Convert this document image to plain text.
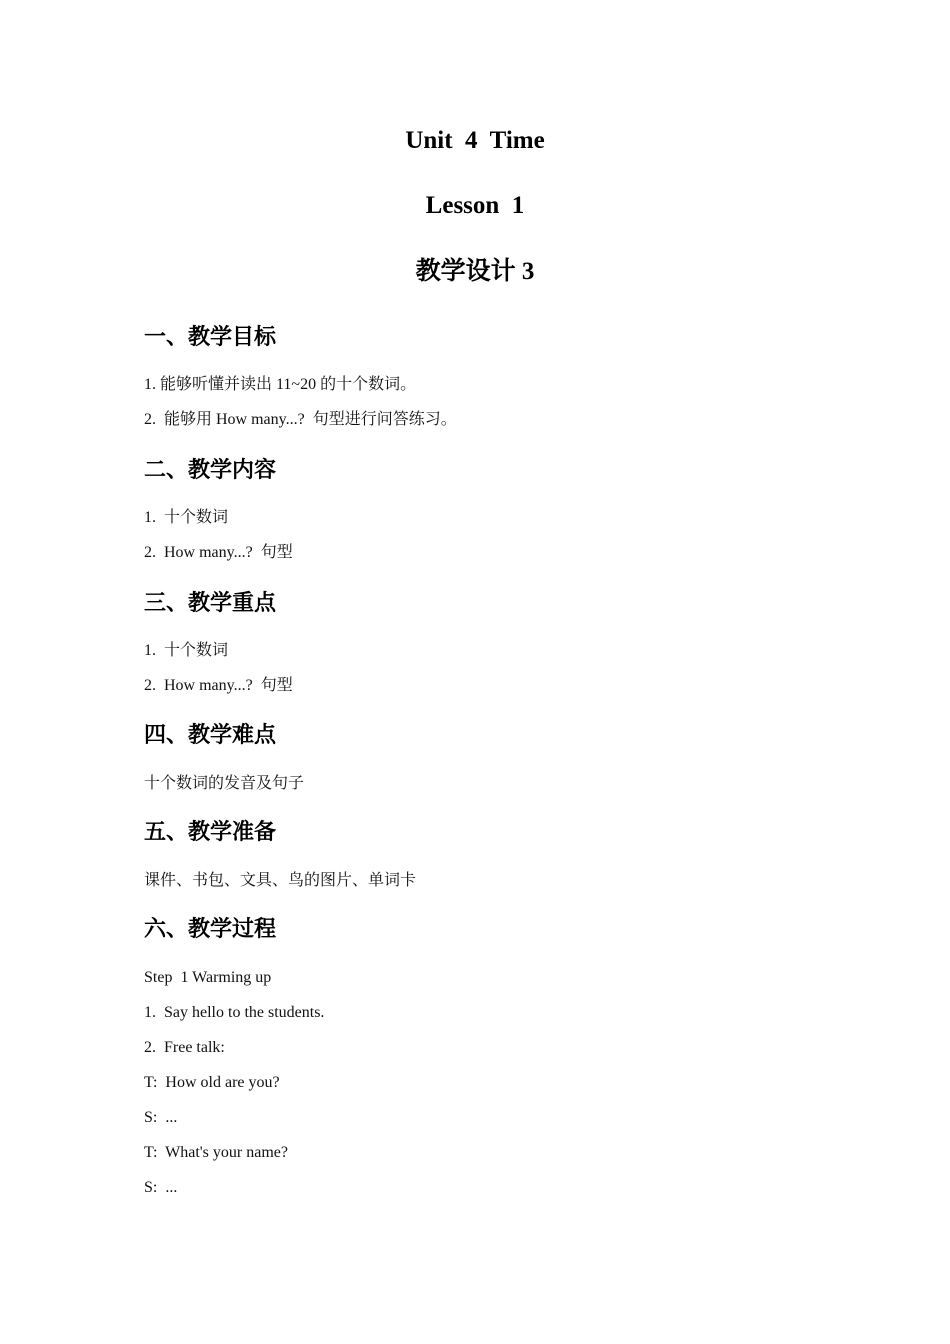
Unit  4  Time
Lesson  1
教学设计 3
一、教学目标
1. 能够听懂并读出 11~20 的十个数词。
2.  能够用 How many...?  句型进行问答练习。
二、教学内容
1.  十个数词
2.  How many...?  句型
三、教学重点
1.  十个数词
2.  How many...?  句型
四、教学难点
十个数词的发音及句子
五、教学准备
课件、书包、文具、鸟的图片、单词卡
六、教学过程
Step  1 Warming up
1.  Say hello to the students.
2.  Free talk:
T:  How old are you?
S:  ...
T:  What's your name?
S:  ...
